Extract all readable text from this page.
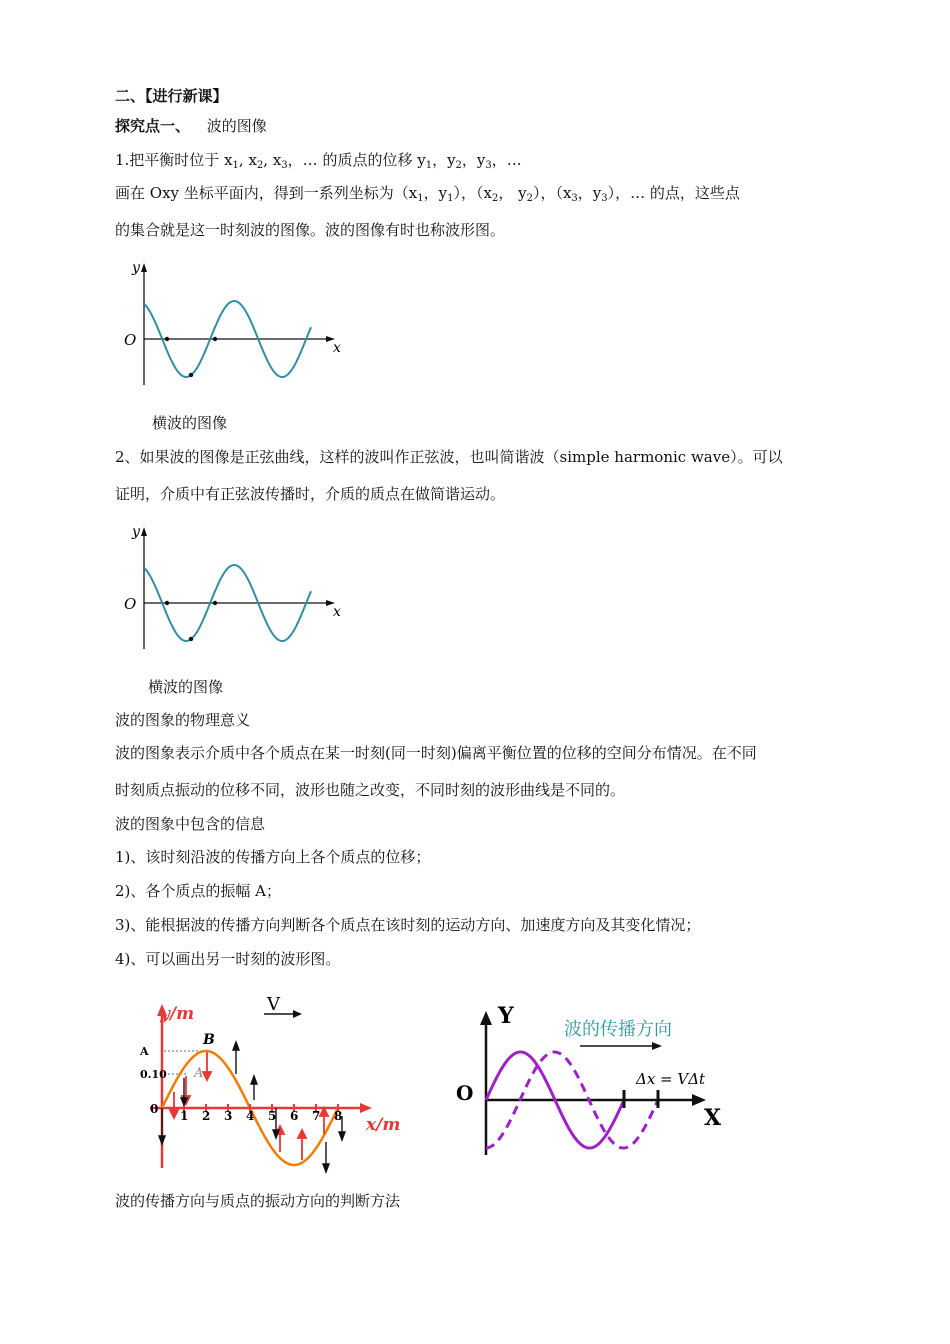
二、【进行新课】
探究点一、 波的图像
1.把平衡时位于 $x_1$, $x_2$, $x_3$，… 的质点的位移 $y_1$，$y_2$，$y_3$，…
画在 Oxy 坐标平面内，得到一系列坐标为（$x_1$，$y_1$），（$x_2$， $y_2$），（$x_3$，$y_3$），… 的点，这些点
的集合就是这一时刻波的图像。波的图像有时也称波形图。
y
x
O
横波的图像
2、如果波的图像是正弦曲线，这样的波叫作正弦波，也叫简谐波（simple harmonic wave）。可以
证明，介质中有正弦波传播时，介质的质点在做简谐运动。
y
x
O
横波的图像
波的图象的物理意义
波的图象表示介质中各个质点在某一时刻(同一时刻)偏离平衡位置的位移的空间分布情况。在不同
时刻质点振动的位移不同，波形也随之改变，不同时刻的波形曲线是不同的。
波的图象中包含的信息
1)、该时刻沿波的传播方向上各个质点的位移；
2)、各个质点的振幅 A；
3)、能根据波的传播方向判断各个质点在该时刻的运动方向、加速度方向及其变化情况；
4)、可以画出另一时刻的波形图。
1 2 3 4 5 6 7 8
V
y/m
x/m
A
0.10
0
B
A
波的传播方向
Δx = VΔt
Y
X
O
波的传播方向与质点的振动方向的判断方法
